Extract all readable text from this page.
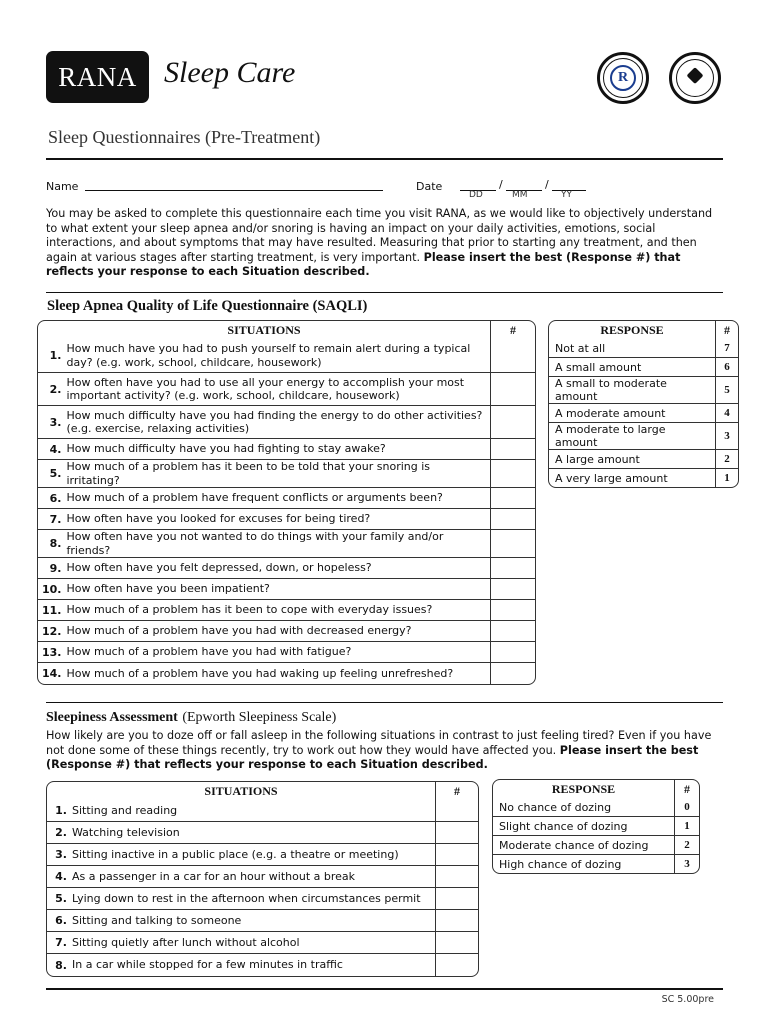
RANA Sleep Care	R
Sleep Questionnaires (Pre-Treatment)
Name	Date	/	/
DD	MM	YY
You may be asked to complete this questionnaire each time you visit RANA, as we would like to objectively understand to what extent your sleep apnea and/or snoring is having an impact on your daily activities, emotions, social interactions, and about symptoms that may have resulted. Measuring that prior to starting any treatment, and then again at various stages after starting treatment, is very important. Please insert the best (Response #) that reflects your response to each Situation described.
Sleep Apnea Quality of Life Questionnaire (SAQLI)
SITUATIONS		#
1.	How much have you had to push yourself to remain alert during a typical day? (e.g. work, school, childcare, housework)	
2.	How often have you had to use all your energy to accomplish your most important activity? (e.g. work, school, childcare, housework)	
3.	How much difficulty have you had finding the energy to do other activities? (e.g. exercise, relaxing activities)	
4.	How much difficulty have you had fighting to stay awake?	
5.	How much of a problem has it been to be told that your snoring is irritating?	
6.	How much of a problem have frequent conflicts or arguments been?	
7.	How often have you looked for excuses for being tired?	
8.	How often have you not wanted to do things with your family and/or friends?	
9.	How often have you felt depressed, down, or hopeless?	
10.	How often have you been impatient?	
11.	How much of a problem has it been to cope with everyday issues?	
12.	How much of a problem have you had with decreased energy?	
13.	How much of a problem have you had with fatigue?	
14.	How much of a problem have you had waking up feeling unrefreshed?	
RESPONSE	#
Not at all	7
A small amount	6
A small to moderate amount	5
A moderate amount	4
A moderate to large amount	3
A large amount	2
A very large amount	1
Sleepiness Assessment (Epworth Sleepiness Scale)
How likely are you to doze off or fall asleep in the following situations in contrast to just feeling tired? Even if you have not done some of these things recently, try to work out how they would have affected you. Please insert the best (Response #) that reflects your response to each Situation described.
SITUATIONS		#
1.	Sitting and reading	
2.	Watching television	
3.	Sitting inactive in a public place (e.g. a theatre or meeting)	
4.	As a passenger in a car for an hour without a break	
5.	Lying down to rest in the afternoon when circumstances permit	
6.	Sitting and talking to someone	
7.	Sitting quietly after lunch without alcohol	
8.	In a car while stopped for a few minutes in traffic	
RESPONSE	#
No chance of dozing	0
Slight chance of dozing	1
Moderate chance of dozing	2
High chance of dozing	3
SC 5.00pre
